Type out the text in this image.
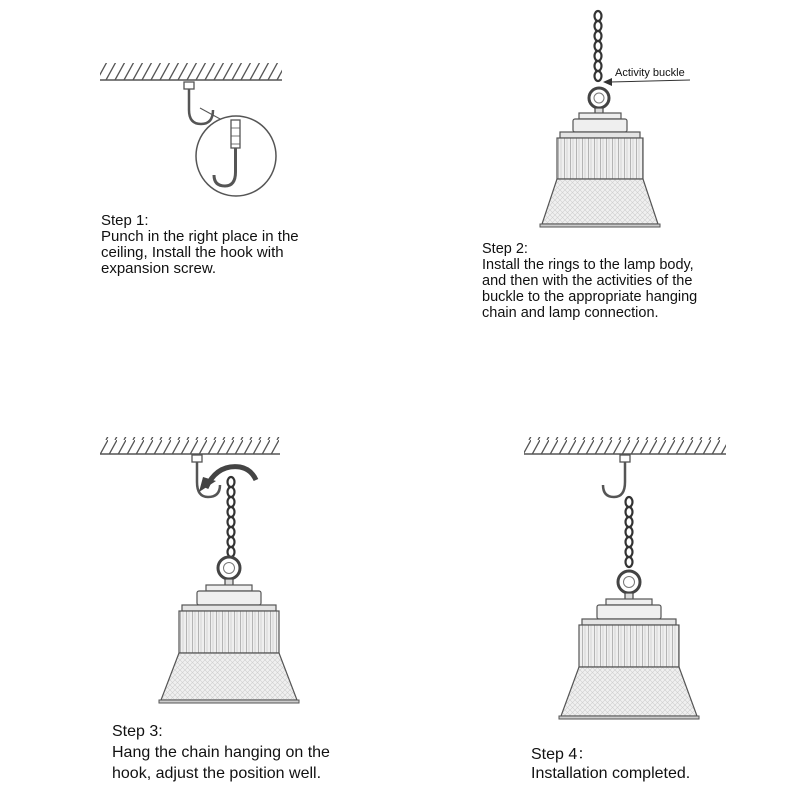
Activity buckle
Step 1:
Punch in the right place in the
ceiling, Install the hook with
expansion screw.
Step 2:
Install the rings to the lamp body,
and then with the activities of the
buckle to the appropriate hanging
chain and lamp connection.
Step 3:
Hang the chain hanging on the
hook, adjust the position well.
Step 4：
Installation completed.
